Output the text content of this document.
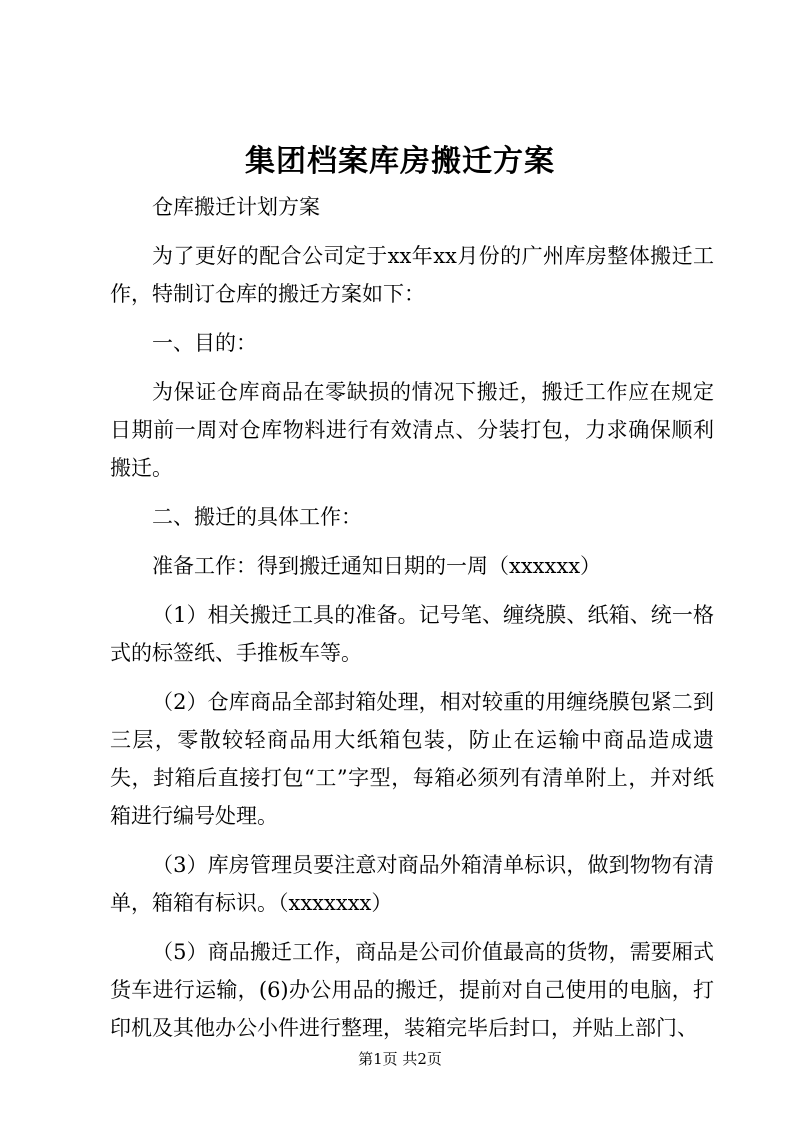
集团档案库房搬迁方案

仓库搬迁计划方案

为了更好的配合公司定于xx年xx月份的广州库房整体搬迁工作，特制订仓库的搬迁方案如下：

一、目的：

为保证仓库商品在零缺损的情况下搬迁，搬迁工作应在规定日期前一周对仓库物料进行有效清点、分装打包，力求确保顺利搬迁。

二、搬迁的具体工作：

准备工作：得到搬迁通知日期的一周（xxxxxx）

（1）相关搬迁工具的准备。记号笔、缠绕膜、纸箱、统一格式的标签纸、手推板车等。

（2）仓库商品全部封箱处理，相对较重的用缠绕膜包紧二到三层，零散较轻商品用大纸箱包装，防止在运输中商品造成遗失，封箱后直接打包“工”字型，每箱必须列有清单附上，并对纸箱进行编号处理。

（3）库房管理员要注意对商品外箱清单标识，做到物物有清单，箱箱有标识。（xxxxxxx）

（5）商品搬迁工作，商品是公司价值最高的货物，需要厢式货车进行运输，(6)办公用品的搬迁，提前对自己使用的电脑，打印机及其他办公小件进行整理，装箱完毕后封口，并贴上部门、

第1页 共2页
